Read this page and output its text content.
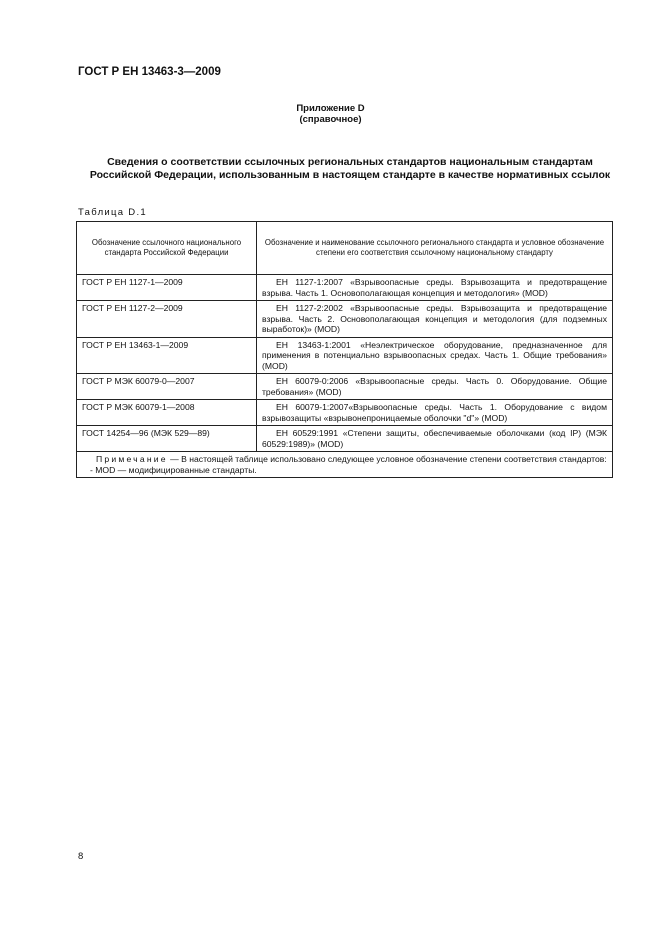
ГОСТ Р ЕН 13463-3—2009
Приложение D
(справочное)
Сведения о соответствии ссылочных региональных стандартов национальным стандартам Российской Федерации, использованным в настоящем стандарте в качестве нормативных ссылок
Таблица D.1
Обозначение ссылочного национального стандарта Российской Федерации	Обозначение и наименование ссылочного регионального стандарта и условное обозначение степени его соответствия ссылочному национальному стандарту
ГОСТ Р ЕН 1127-1—2009	ЕН 1127-1:2007 «Взрывоопасные среды. Взрывозащита и предотвращение взрыва. Часть 1. Основополагающая концепция и методология» (MOD)
ГОСТ Р ЕН 1127-2—2009	ЕН 1127-2:2002 «Взрывоопасные среды. Взрывозащита и предотвращение взрыва. Часть 2. Основополагающая концепция и методология (для подземных выработок)» (MOD)
ГОСТ Р ЕН 13463-1—2009	ЕН 13463-1:2001 «Неэлектрическое оборудование, предназначенное для применения в потенциально взрывоопасных средах. Часть 1. Общие требования» (MOD)
ГОСТ Р МЭК 60079-0—2007	ЕН 60079-0:2006 «Взрывоопасные среды. Часть 0. Оборудование. Общие требования» (MOD)
ГОСТ Р МЭК 60079-1—2008	ЕН 60079-1:2007«Взрывоопасные среды. Часть 1. Оборудование с видом взрывозащиты «взрывонепроницаемые оболочки "d"» (MOD)
ГОСТ 14254—96 (МЭК 529—89)	ЕН 60529:1991 «Степени защиты, обеспечиваемые оболочками (код IP) (МЭК 60529:1989)» (MOD)

Примечание — В настоящей таблице использовано следующее условное обозначение степени соответствия стандартов:
- MOD — модифицированные стандарты.	
8
